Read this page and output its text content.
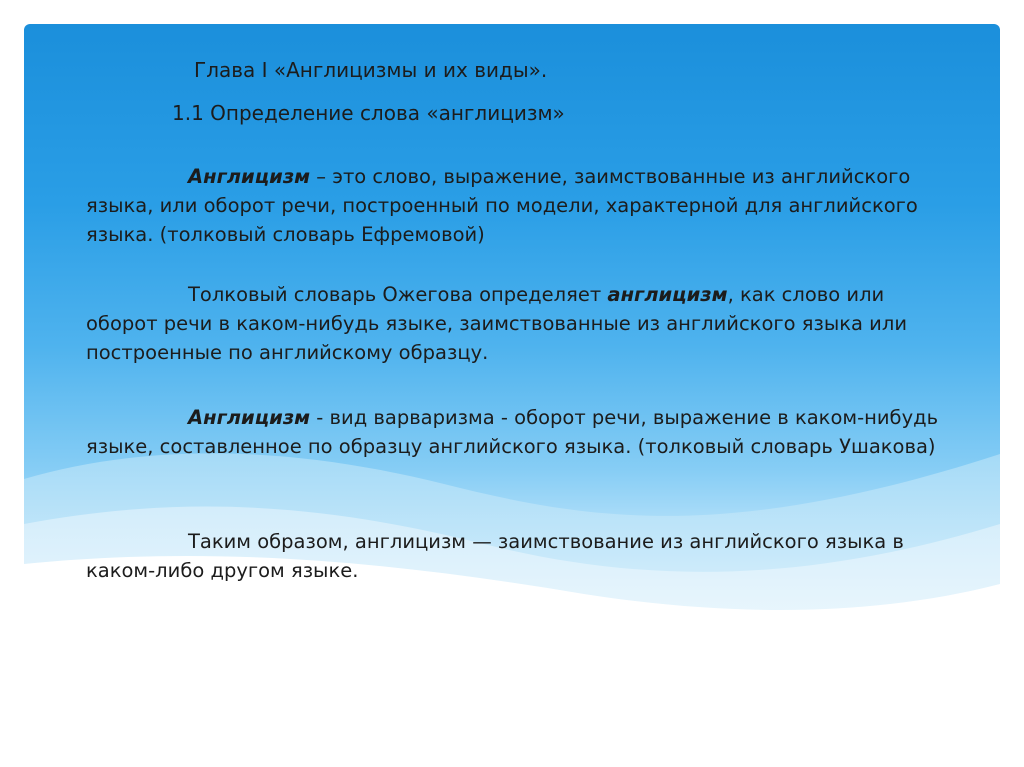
Глава I «Англицизмы и их виды».
1.1 Определение слова «англицизм»
Англицизм – это слово, выражение, заимствованные из английского языка, или оборот речи, построенный по модели, характерной для английского языка. (толковый словарь Ефремовой)
Толковый словарь Ожегова определяет англицизм, как слово или оборот речи в каком-нибудь языке, заимствованные из английского языка или построенные по английскому образцу.
Англицизм - вид варваризма - оборот речи, выражение в каком-нибудь языке, составленное по образцу английского языка. (толковый словарь Ушакова)
Таким образом, англицизм — заимствование из английского языка в каком-либо другом языке.
